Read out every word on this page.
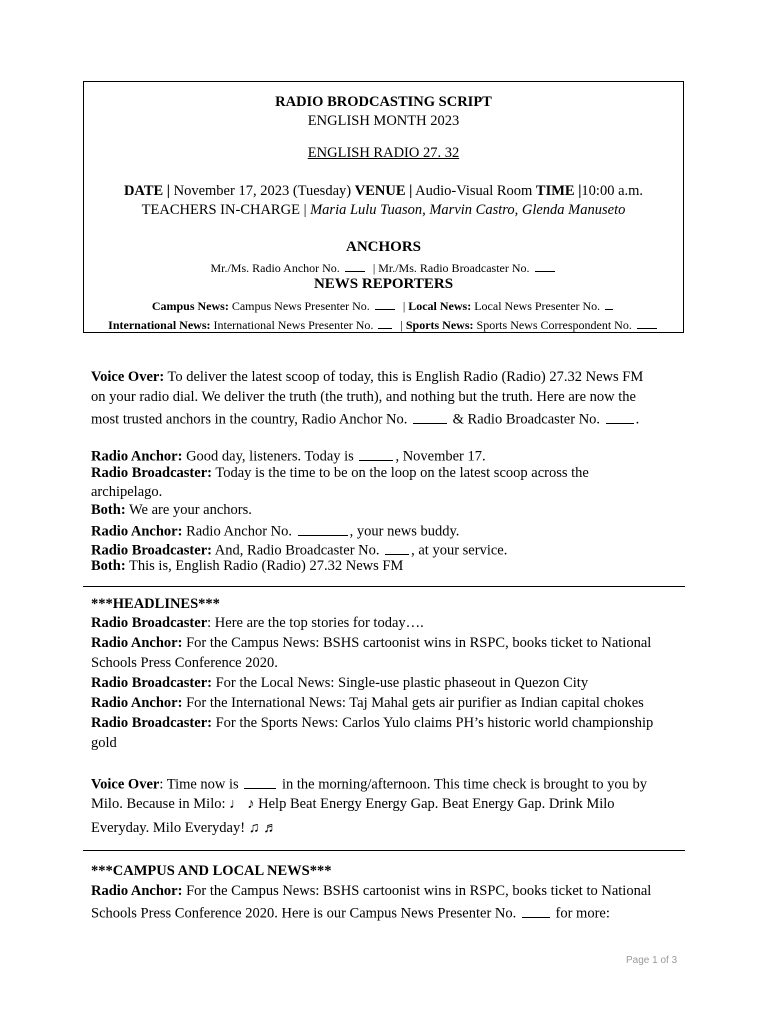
RADIO BRODCASTING SCRIPT
ENGLISH MONTH 2023
ENGLISH RADIO 27. 32
DATE | November 17, 2023 (Tuesday) VENUE | Audio-Visual Room TIME |10:00 a.m.
TEACHERS IN-CHARGE | Maria Lulu Tuason, Marvin Castro, Glenda Manuseto
ANCHORS
Mr./Ms. Radio Anchor No.	| Mr./Ms. Radio Broadcaster No.
NEWS REPORTERS
Campus News: Campus News Presenter No.	| Local News: Local News Presenter No.
International News: International News Presenter No. | Sports News: Sports News Correspondent No.
Voice Over: To deliver the latest scoop of today, this is English Radio (Radio) 27.32 News FM
on your radio dial. We deliver the truth (the truth), and nothing but the truth. Here are now the
most trusted anchors in the country, Radio Anchor No.	& Radio Broadcaster No. .
Radio Anchor: Good day, listeners. Today is	, November 17.
Radio Broadcaster: Today is the time to be on the loop on the latest scoop across the
archipelago.
Both: We are your anchors.
Radio Anchor: Radio Anchor No.	, your news buddy.
Radio Broadcaster: And, Radio Broadcaster No. , at your service.
Both: This is, English Radio (Radio) 27.32 News FM
***HEADLINES***
Radio Broadcaster: Here are the top stories for today….
Radio Anchor: For the Campus News: BSHS cartoonist wins in RSPC, books ticket to National
Schools Press Conference 2020.
Radio Broadcaster: For the Local News: Single-use plastic phaseout in Quezon City
Radio Anchor: For the International News: Taj Mahal gets air purifier as Indian capital chokes
Radio Broadcaster: For the Sports News: Carlos Yulo claims PH’s historic world championship
gold
Voice Over: Time now is	in the morning/afternoon. This time check is brought to you by
Milo. Because in Milo: ♩ ♪ Help Beat Energy Energy Gap. Beat Energy Gap. Drink Milo
Everyday. Milo Everyday! ♫ ♬
***CAMPUS AND LOCAL NEWS***
Radio Anchor: For the Campus News: BSHS cartoonist wins in RSPC, books ticket to National
Schools Press Conference 2020. Here is our Campus News Presenter No.	for more:
Page 1 of 3
